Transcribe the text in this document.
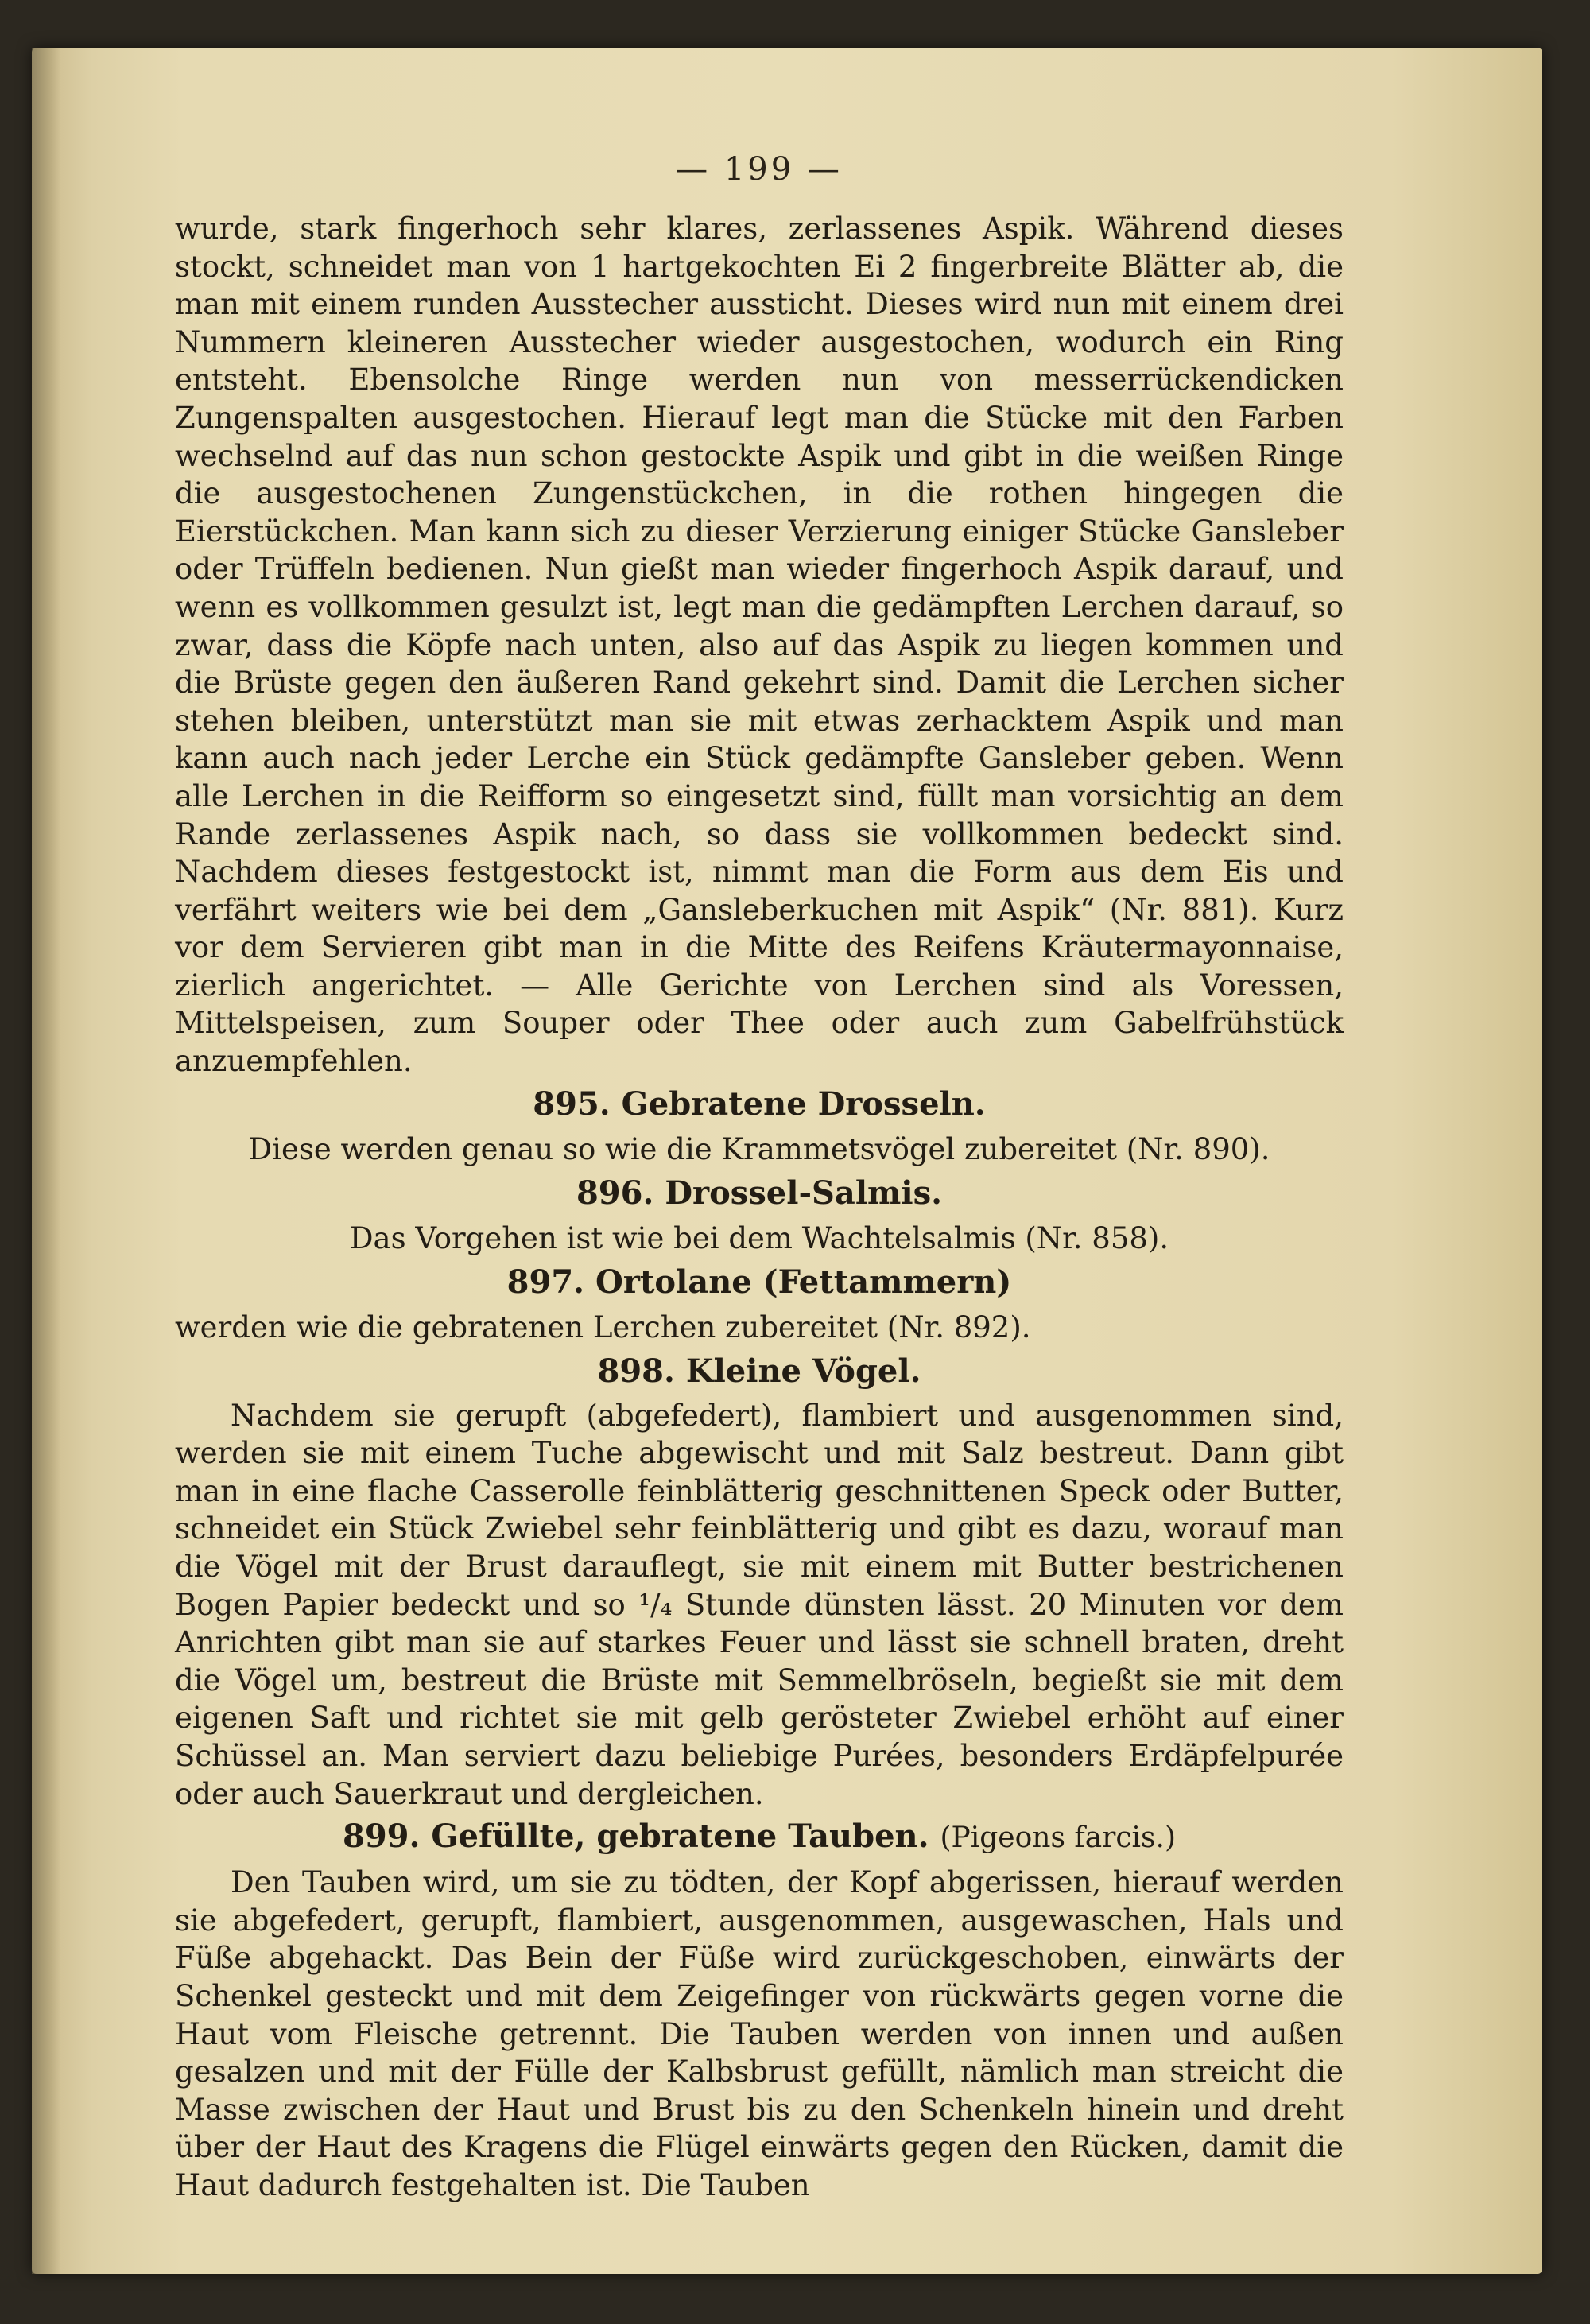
— 199 —

wurde, stark fingerhoch sehr klares, zerlassenes Aspik. Während dieses stockt, schneidet man von 1 hartgekochten Ei 2 fingerbreite Blätter ab, die man mit einem runden Ausstecher aussticht. Dieses wird nun mit einem drei Nummern kleineren Ausstecher wieder ausgestochen, wodurch ein Ring entsteht. Ebensolche Ringe werden nun von messerrückendicken Zungenspalten ausgestochen. Hierauf legt man die Stücke mit den Farben wechselnd auf das nun schon gestockte Aspik und gibt in die weißen Ringe die ausgestochenen Zungenstückchen, in die rothen hingegen die Eierstückchen. Man kann sich zu dieser Verzierung einiger Stücke Gansleber oder Trüffeln bedienen. Nun gießt man wieder fingerhoch Aspik darauf, und wenn es vollkommen gesulzt ist, legt man die gedämpften Lerchen darauf, so zwar, dass die Köpfe nach unten, also auf das Aspik zu liegen kommen und die Brüste gegen den äußeren Rand gekehrt sind. Damit die Lerchen sicher stehen bleiben, unterstützt man sie mit etwas zerhacktem Aspik und man kann auch nach jeder Lerche ein Stück gedämpfte Gansleber geben. Wenn alle Lerchen in die Reifform so eingesetzt sind, füllt man vorsichtig an dem Rande zerlassenes Aspik nach, so dass sie vollkommen bedeckt sind. Nachdem dieses festgestockt ist, nimmt man die Form aus dem Eis und verfährt weiters wie bei dem „Gansleberkuchen mit Aspik“ (Nr. 881). Kurz vor dem Servieren gibt man in die Mitte des Reifens Kräutermayonnaise, zierlich angerichtet. — Alle Gerichte von Lerchen sind als Voressen, Mittelspeisen, zum Souper oder Thee oder auch zum Gabelfrühstück anzuempfehlen.

895. Gebratene Drosseln.
Diese werden genau so wie die Krammetsvögel zubereitet (Nr. 890).
896. Drossel-Salmis.
Das Vorgehen ist wie bei dem Wachtelsalmis (Nr. 858).
897. Ortolane (Fettammern)
werden wie die gebratenen Lerchen zubereitet (Nr. 892).
898. Kleine Vögel.

Nachdem sie gerupft (abgefedert), flambiert und ausgenommen sind, werden sie mit einem Tuche abgewischt und mit Salz bestreut. Dann gibt man in eine flache Casserolle feinblätterig geschnittenen Speck oder Butter, schneidet ein Stück Zwiebel sehr feinblätterig und gibt es dazu, worauf man die Vögel mit der Brust darauflegt, sie mit einem mit Butter bestrichenen Bogen Papier bedeckt und so ¹/₄ Stunde dünsten lässt. 20 Minuten vor dem Anrichten gibt man sie auf starkes Feuer und lässt sie schnell braten, dreht die Vögel um, bestreut die Brüste mit Semmelbröseln, begießt sie mit dem eigenen Saft und richtet sie mit gelb gerösteter Zwiebel erhöht auf einer Schüssel an. Man serviert dazu beliebige Purées, besonders Erdäpfelpurée oder auch Sauerkraut und dergleichen.

899. Gefüllte, gebratene Tauben. (Pigeons farcis.)

Den Tauben wird, um sie zu tödten, der Kopf abgerissen, hierauf werden sie abgefedert, gerupft, flambiert, ausgenommen, ausgewaschen, Hals und Füße abgehackt. Das Bein der Füße wird zurückgeschoben, einwärts der Schenkel gesteckt und mit dem Zeigefinger von rückwärts gegen vorne die Haut vom Fleische getrennt. Die Tauben werden von innen und außen gesalzen und mit der Fülle der Kalbsbrust gefüllt, nämlich man streicht die Masse zwischen der Haut und Brust bis zu den Schenkeln hinein und dreht über der Haut des Kragens die Flügel einwärts gegen den Rücken, damit die Haut dadurch festgehalten ist. Die Tauben
